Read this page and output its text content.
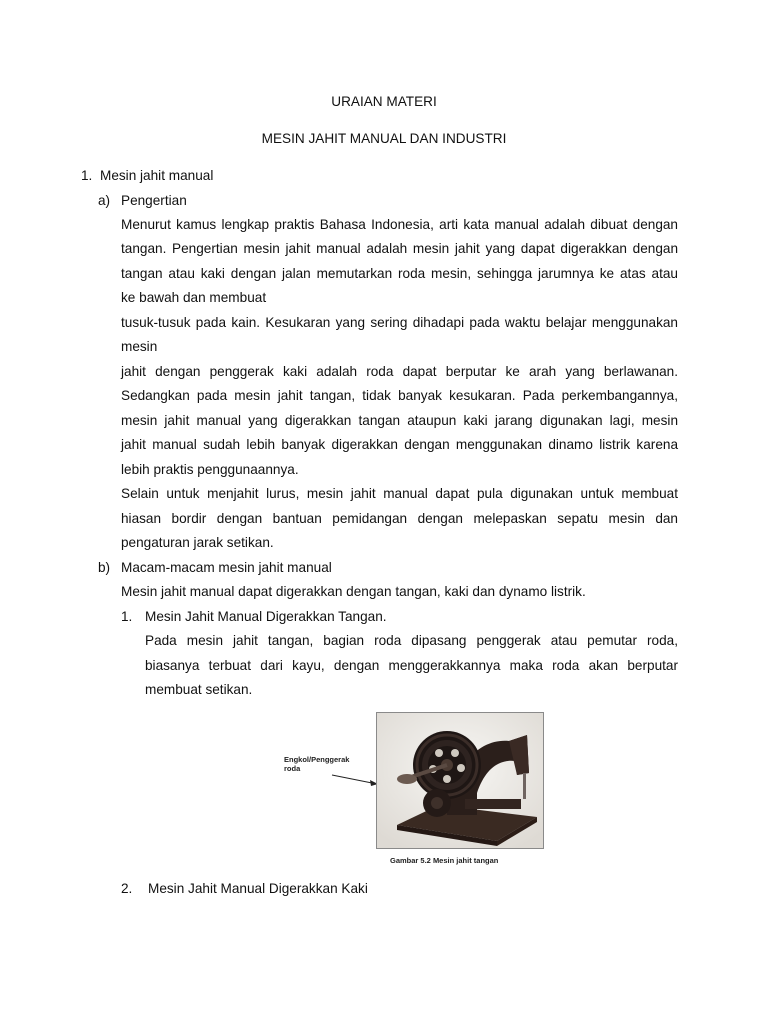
URAIAN MATERI

MESIN JAHIT MANUAL DAN INDUSTRI

1. Mesin jahit manual

a) Pengertian

Menurut kamus lengkap praktis Bahasa Indonesia, arti kata manual adalah dibuat dengan

tangan. Pengertian mesin jahit manual adalah mesin jahit yang dapat digerakkan dengan

tangan atau kaki dengan jalan memutarkan roda mesin, sehingga jarumnya ke atas atau

ke bawah dan membuat

tusuk-tusuk pada kain. Kesukaran yang sering dihadapi pada waktu belajar menggunakan

mesin

jahit dengan penggerak kaki adalah roda dapat berputar ke arah yang berlawanan.

Sedangkan pada mesin jahit tangan, tidak banyak kesukaran. Pada perkembangannya,

mesin jahit manual yang digerakkan tangan ataupun kaki jarang digunakan lagi, mesin

jahit manual sudah lebih banyak digerakkan dengan menggunakan dinamo listrik karena

lebih praktis penggunaannya.

Selain untuk menjahit lurus, mesin jahit manual dapat pula digunakan untuk membuat

hiasan bordir dengan bantuan pemidangan dengan melepaskan sepatu mesin dan

pengaturan jarak setikan.

b) Macam-macam mesin jahit manual

Mesin jahit manual dapat digerakkan dengan tangan, kaki dan dynamo listrik.

1. Mesin Jahit Manual Digerakkan Tangan.

Pada mesin jahit tangan, bagian roda dipasang penggerak atau pemutar roda,

biasanya terbuat dari kayu, dengan menggerakkannya maka roda akan berputar

membuat setikan.

Engkol/Penggerak roda
Gambar 5.2 Mesin jahit tangan

2. Mesin Jahit Manual Digerakkan Kaki
